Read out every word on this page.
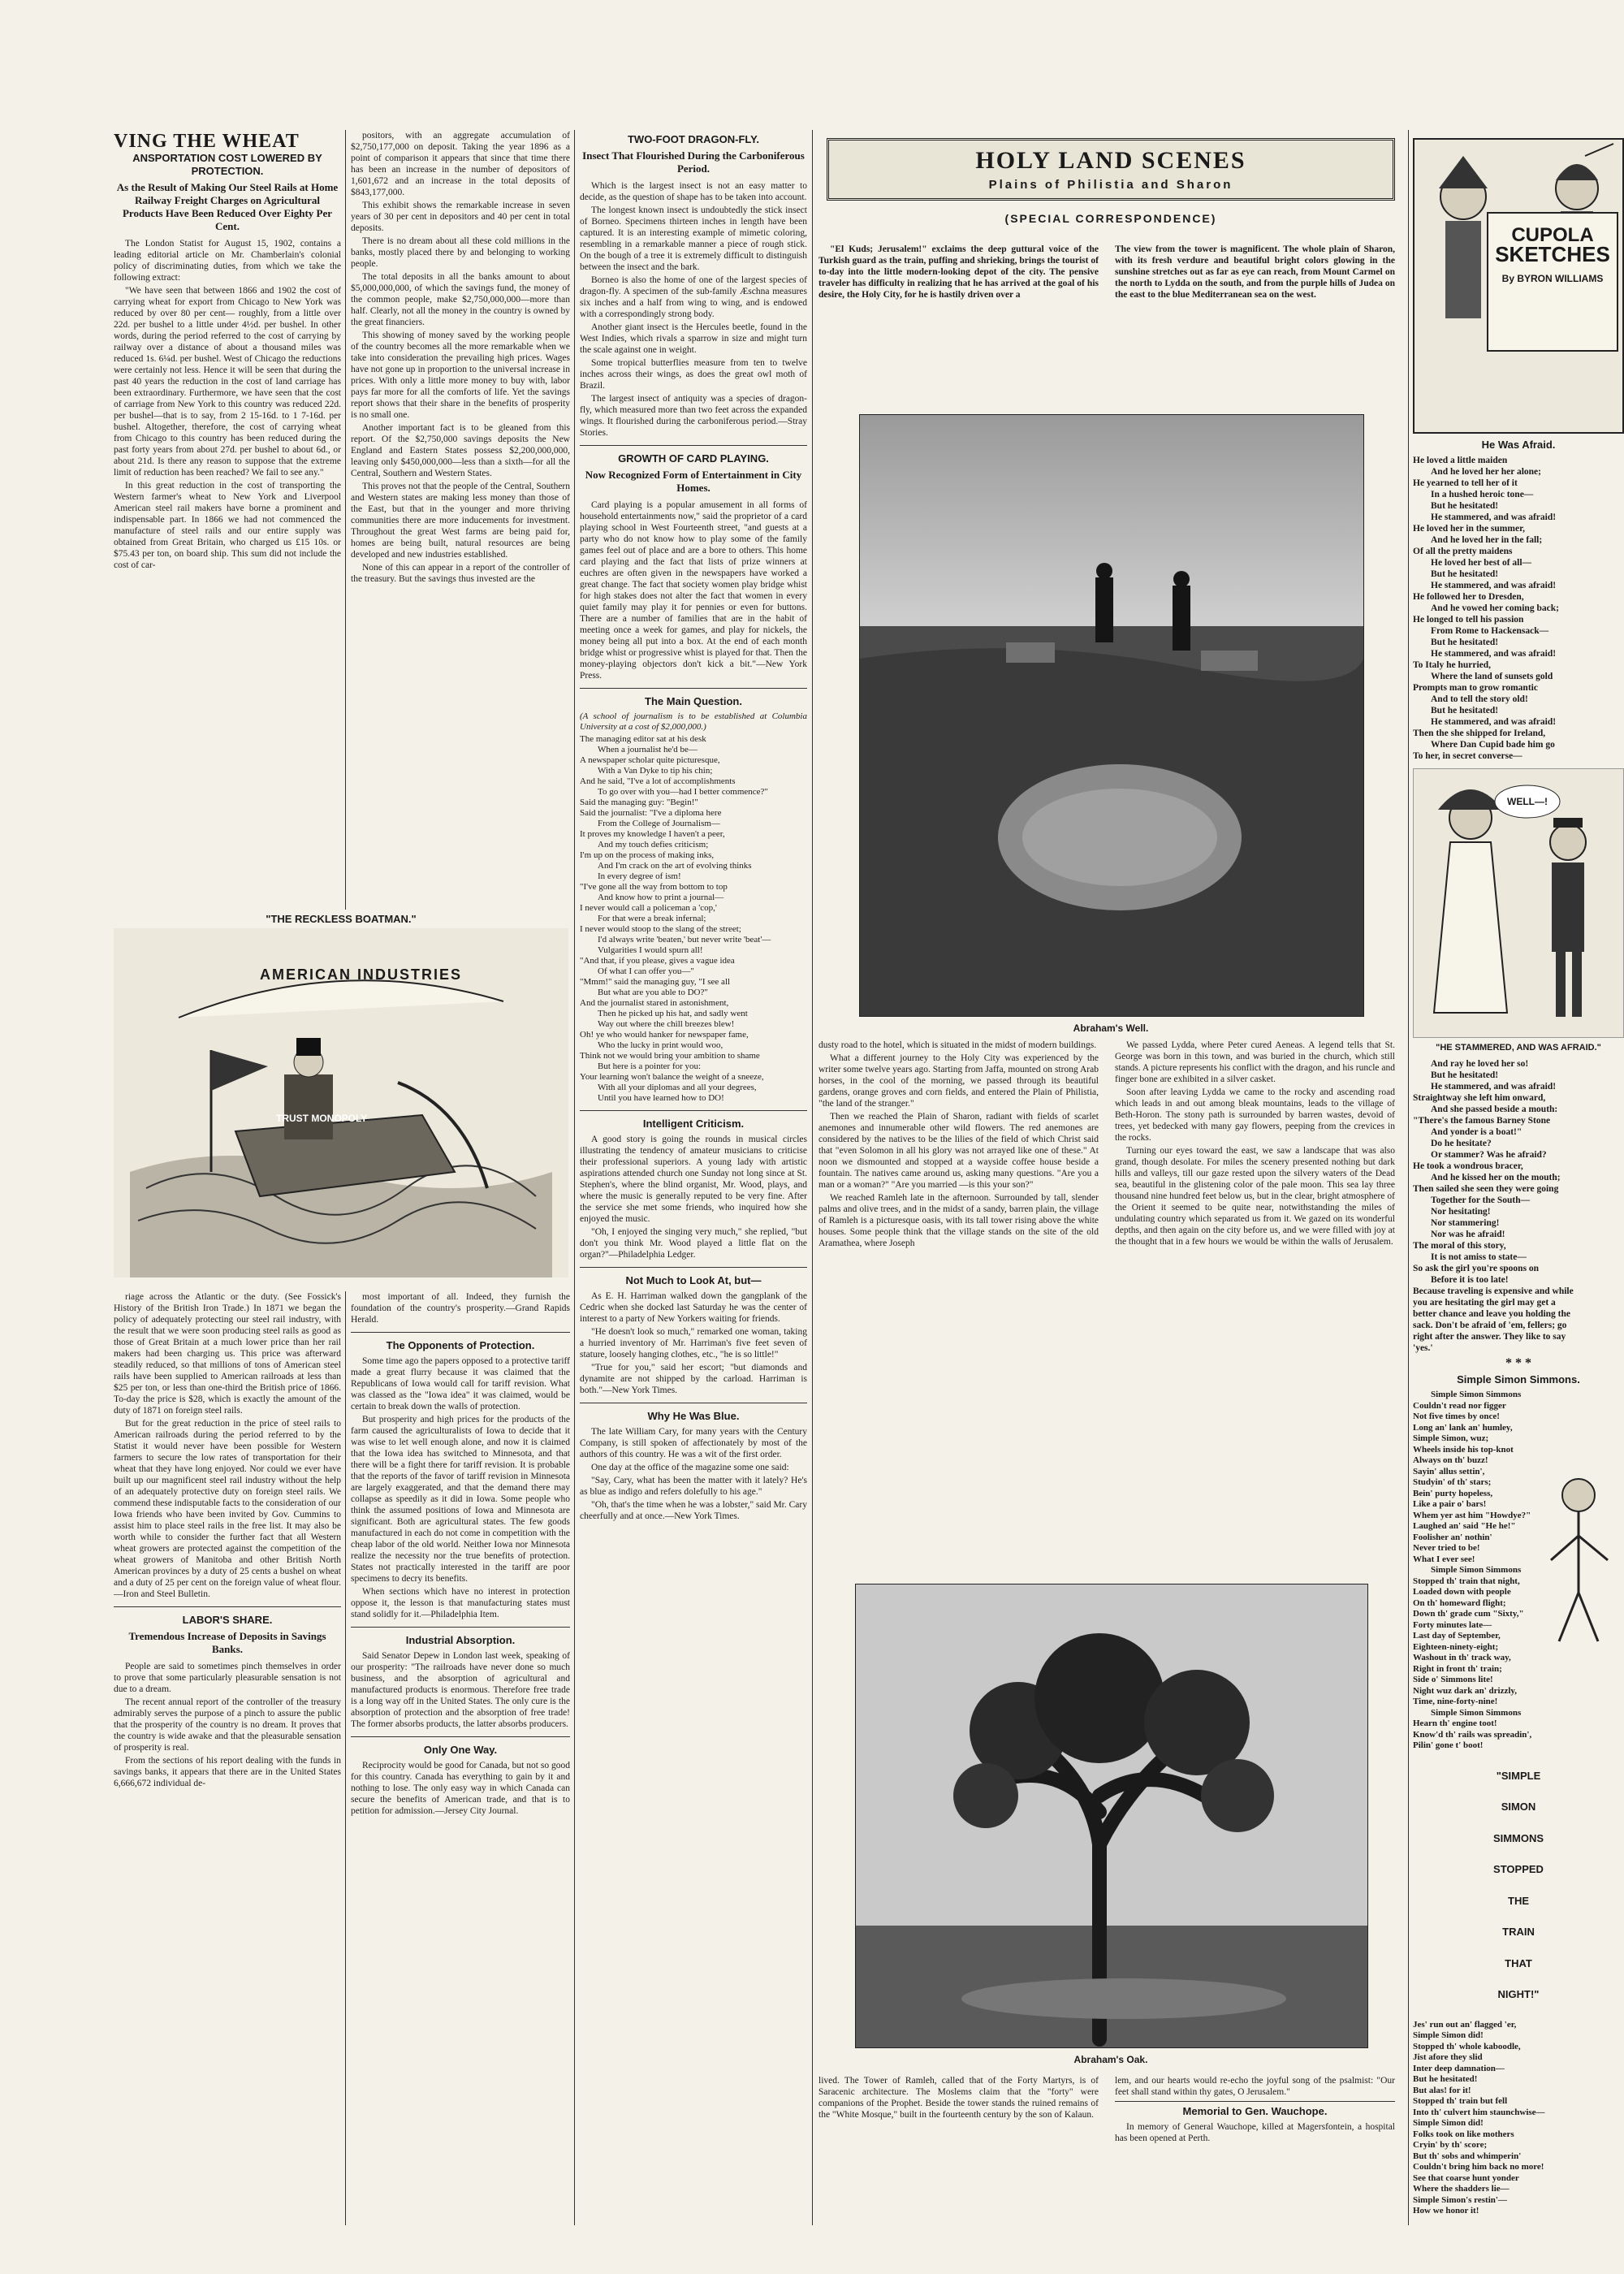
VING THE WHEAT
ANSPORTATION COST LOWERED BY PROTECTION.
As the Result of Making Our Steel Rails at Home Railway Freight Charges on Agricultural Products Have Been Reduced Over Eighty Per Cent.

The London Statist for August 15, 1902, contains a leading editorial article on Mr. Chamberlain's colonial policy of discriminating duties, from which we take the following extract:

"We have seen that between 1866 and 1902 the cost of carrying wheat for export from Chicago to New York was reduced by over 80 per cent— roughly, from a little over 22d. per bushel to a little under 4½d. per bushel. In other words, during the period referred to the cost of carrying by railway over a distance of about a thousand miles was reduced 1s. 6¼d. per bushel. West of Chicago the reductions were certainly not less. Hence it will be seen that during the past 40 years the reduction in the cost of land carriage has been extraordinary. Furthermore, we have seen that the cost of carriage from New York to this country was reduced 22d. per bushel—that is to say, from 2 15-16d. to 1 7-16d. per bushel. Altogether, therefore, the cost of carrying wheat from Chicago to this country has been reduced during the past forty years from about 27d. per bushel to about 6d., or about 21d. Is there any reason to suppose that the extreme limit of reduction has been reached? We fail to see any."

In this great reduction in the cost of transporting the Western farmer's wheat to New York and Liverpool American steel rail makers have borne a prominent and indispensable part. In 1866 we had not commenced the manufacture of steel rails and our entire supply was obtained from Great Britain, who charged us £15 10s. or $75.43 per ton, on board ship. This sum did not include the cost of car-

"THE RECKLESS BOATMAN."
AMERICAN INDUSTRIES
TRUST MONOPOLY

riage across the Atlantic or the duty. (See Fossick's History of the British Iron Trade.) In 1871 we began the policy of adequately protecting our steel rail industry, with the result that we were soon producing steel rails as good as those of Great Britain at a much lower price than her rail makers had been charging us. This price was afterward steadily reduced, so that millions of tons of American steel rails have been supplied to American railroads at less than $25 per ton, or less than one-third the British price of 1866. To-day the price is $28, which is exactly the amount of the duty of 1871 on foreign steel rails.

But for the great reduction in the price of steel rails to American railroads during the period referred to by the Statist it would never have been possible for Western farmers to secure the low rates of transportation for their wheat that they have long enjoyed. Nor could we ever have built up our magnificent steel rail industry without the help of an adequately protective duty on foreign steel rails. We commend these indisputable facts to the consideration of our Iowa friends who have been invited by Gov. Cummins to assist him to place steel rails in the free list. It may also be worth while to consider the further fact that all Western wheat growers are protected against the competition of the wheat growers of Manitoba and other British North American provinces by a duty of 25 cents a bushel on wheat and a duty of 25 per cent on the foreign value of wheat flour.—Iron and Steel Bulletin.

LABOR'S SHARE.
Tremendous Increase of Deposits in Savings Banks.

People are said to sometimes pinch themselves in order to prove that some particularly pleasurable sensation is not due to a dream.

The recent annual report of the controller of the treasury admirably serves the purpose of a pinch to assure the public that the prosperity of the country is no dream. It proves that the country is wide awake and that the pleasurable sensation of prosperity is real.

From the sections of his report dealing with the funds in savings banks, it appears that there are in the United States 6,666,672 individual de-

positors, with an aggregate accumulation of $2,750,177,000 on deposit. Taking the year 1896 as a point of comparison it appears that since that time there has been an increase in the number of depositors of 1,601,672 and an increase in the total deposits of $843,177,000.

This exhibit shows the remarkable increase in seven years of 30 per cent in depositors and 40 per cent in total deposits.

There is no dream about all these cold millions in the banks, mostly placed there by and belonging to working people.

The total deposits in all the banks amount to about $5,000,000,000, of which the savings fund, the money of the common people, make $2,750,000,000—more than half. Clearly, not all the money in the country is owned by the great financiers.

This showing of money saved by the working people of the country becomes all the more remarkable when we take into consideration the prevailing high prices. Wages have not gone up in proportion to the universal increase in prices. With only a little more money to buy with, labor pays far more for all the comforts of life. Yet the savings report shows that their share in the benefits of prosperity is no small one.

Another important fact is to be gleaned from this report. Of the $2,750,000 savings deposits the New England and Eastern States possess $2,200,000,000, leaving only $450,000,000—less than a sixth—for all the Central, Southern and Western States.

This proves not that the people of the Central, Southern and Western states are making less money than those of the East, but that in the younger and more thriving communities there are more inducements for investment. Throughout the great West farms are being paid for, homes are being built, natural resources are being developed and new industries established.

None of this can appear in a report of the controller of the treasury. But the savings thus invested are the

most important of all. Indeed, they furnish the foundation of the country's prosperity.—Grand Rapids Herald.

The Opponents of Protection.

Some time ago the papers opposed to a protective tariff made a great flurry because it was claimed that the Republicans of Iowa would call for tariff revision. What was classed as the "Iowa idea" it was claimed, would be certain to break down the walls of protection.

But prosperity and high prices for the products of the farm caused the agriculturalists of Iowa to decide that it was wise to let well enough alone, and now it is claimed that the Iowa idea has switched to Minnesota, and that there will be a fight there for tariff revision. It is probable that the reports of the favor of tariff revision in Minnesota are largely exaggerated, and that the demand there may collapse as speedily as it did in Iowa. Some people who think the assumed positions of Iowa and Minnesota are significant. Both are agricultural states. The few goods manufactured in each do not come in competition with the cheap labor of the old world. Neither Iowa nor Minnesota realize the necessity nor the true benefits of protection. States not practically interested in the tariff are poor specimens to decry its benefits.

When sections which have no interest in protection oppose it, the lesson is that manufacturing states must stand solidly for it.—Philadelphia Item.

Industrial Absorption.

Said Senator Depew in London last week, speaking of our prosperity: "The railroads have never done so much business, and the absorption of agricultural and manufactured products is enormous. Therefore free trade is a long way off in the United States. The only cure is the absorption of protection and the absorption of free trade! The former absorbs products, the latter absorbs producers.

Only One Way.

Reciprocity would be good for Canada, but not so good for this country. Canada has everything to gain by it and nothing to lose. The only easy way in which Canada can secure the benefits of American trade, and that is to petition for admission.—Jersey City Journal.

TWO-FOOT DRAGON-FLY.
Insect That Flourished During the Carboniferous Period.

Which is the largest insect is not an easy matter to decide, as the question of shape has to be taken into account.

The longest known insect is undoubtedly the stick insect of Borneo. Specimens thirteen inches in length have been captured. It is an interesting example of mimetic coloring, resembling in a remarkable manner a piece of rough stick. On the bough of a tree it is extremely difficult to distinguish between the insect and the bark.

Borneo is also the home of one of the largest species of dragon-fly. A specimen of the sub-family Æschna measures six inches and a half from wing to wing, and is endowed with a correspondingly strong body.

Another giant insect is the Hercules beetle, found in the West Indies, which rivals a sparrow in size and might turn the scale against one in weight.

Some tropical butterflies measure from ten to twelve inches across their wings, as does the great owl moth of Brazil.

The largest insect of antiquity was a species of dragon-fly, which measured more than two feet across the expanded wings. It flourished during the carboniferous period.—Stray Stories.

GROWTH OF CARD PLAYING.
Now Recognized Form of Entertainment in City Homes.

Card playing is a popular amusement in all forms of household entertainments now," said the proprietor of a card playing school in West Fourteenth street, "and guests at a party who do not know how to play some of the family games feel out of place and are a bore to others. This home card playing and the fact that lists of prize winners at euchres are often given in the newspapers have worked a great change. The fact that society women play bridge whist for high stakes does not alter the fact that women in every quiet family may play it for pennies or even for buttons. There are a number of families that are in the habit of meeting once a week for games, and play for nickels, the money being all put into a box. At the end of each month bridge whist or progressive whist is played for that. Then the money-playing objectors don't kick a bit."—New York Press.

The Main Question.

(A school of journalism is to be established at Columbia University at a cost of $2,000,000.)

The managing editor sat at his desk

When a journalist he'd be—

A newspaper scholar quite picturesque,

With a Van Dyke to tip his chin;

And he said, "I've a lot of accomplishments

To go over with you—had I better commence?"

Said the managing guy: "Begin!"

Said the journalist: "I've a diploma here

From the College of Journalism—

It proves my knowledge I haven't a peer,

And my touch defies criticism;

I'm up on the process of making inks,

And I'm crack on the art of evolving thinks

In every degree of ism!

"I've gone all the way from bottom to top

And know how to print a journal—

I never would call a policeman a 'cop,'

For that were a break infernal;

I never would stoop to the slang of the street;

I'd always write 'beaten,' but never write 'beat'—

Vulgarities I would spurn all!

"And that, if you please, gives a vague idea

Of what I can offer you—"

"Mmm!" said the managing guy, "I see all

But what are you able to DO?"

And the journalist stared in astonishment,

Then he picked up his hat, and sadly went

Way out where the chill breezes blew!

Oh! ye who would hanker for newspaper fame,

Who the lucky in print would woo,

Think not we would bring your ambition to shame

But here is a pointer for you:

Your learning won't balance the weight of a sneeze,

With all your diplomas and all your degrees,

Until you have learned how to DO!

Intelligent Criticism.

A good story is going the rounds in musical circles illustrating the tendency of amateur musicians to criticise their professional superiors. A young lady with artistic aspirations attended church one Sunday not long since at St. Stephen's, where the blind organist, Mr. Wood, plays, and where the music is generally reputed to be very fine. After the service she met some friends, who inquired how she enjoyed the music.

"Oh, I enjoyed the singing very much," she replied, "but don't you think Mr. Wood played a little flat on the organ?"—Philadelphia Ledger.

Not Much to Look At, but—

As E. H. Harriman walked down the gangplank of the Cedric when she docked last Saturday he was the center of interest to a party of New Yorkers waiting for friends.

"He doesn't look so much," remarked one woman, taking a hurried inventory of Mr. Harriman's five feet seven of stature, loosely hanging clothes, etc., "he is so little!"

"True for you," said her escort; "but diamonds and dynamite are not shipped by the carload. Harriman is both."—New York Times.

Why He Was Blue.

The late William Cary, for many years with the Century Company, is still spoken of affectionately by most of the authors of this country. He was a wit of the first order.

One day at the office of the magazine some one said:

"Say, Cary, what has been the matter with it lately? He's as blue as indigo and refers dolefully to his age."

"Oh, that's the time when he was a lobster," said Mr. Cary cheerfully and at once.—New York Times.

HOLY LAND SCENES
Plains of Philistia and Sharon
(SPECIAL CORRESPONDENCE)

"El Kuds; Jerusalem!" exclaims the deep guttural voice of the Turkish guard as the train, puffing and shrieking, brings the tourist of to-day into the little modern-looking depot of the city. The pensive traveler has difficulty in realizing that he has arrived at the goal of his desire, the Holy City, for he is hastily driven over a

The view from the tower is magnificent. The whole plain of Sharon, with its fresh verdure and beautiful bright colors glowing in the sunshine stretches out as far as eye can reach, from Mount Carmel on the north to Lydda on the south, and from the purple hills of Judea on the east to the blue Mediterranean sea on the west.

Abraham's Well.

dusty road to the hotel, which is situated in the midst of modern buildings.

What a different journey to the Holy City was experienced by the writer some twelve years ago. Starting from Jaffa, mounted on strong Arab horses, in the cool of the morning, we passed through its beautiful gardens, orange groves and corn fields, and entered the Plain of Philistia, "the land of the stranger."

Then we reached the Plain of Sharon, radiant with fields of scarlet anemones and innumerable other wild flowers. The red anemones are considered by the natives to be the lilies of the field of which Christ said that "even Solomon in all his glory was not arrayed like one of these." At noon we dismounted and stopped at a wayside coffee house beside a fountain. The natives came around us, asking many questions. "Are you a man or a woman?" "Are you married —is this your son?"

We reached Ramleh late in the afternoon. Surrounded by tall, slender palms and olive trees, and in the midst of a sandy, barren plain, the village of Ramleh is a picturesque oasis, with its tall tower rising above the white houses. Some people think that the village stands on the site of the old Aramathea, where Joseph

We passed Lydda, where Peter cured Aeneas. A legend tells that St. George was born in this town, and was buried in the church, which still stands. A picture represents his conflict with the dragon, and his runcle and finger bone are exhibited in a silver casket.

Soon after leaving Lydda we came to the rocky and ascending road which leads in and out among bleak mountains, leads to the village of Beth-Horon. The stony path is surrounded by barren wastes, devoid of trees, yet bedecked with many gay flowers, peeping from the crevices in the rocks.

Turning our eyes toward the east, we saw a landscape that was also grand, though desolate. For miles the scenery presented nothing but dark hills and valleys, till our gaze rested upon the silvery waters of the Dead sea, beautiful in the glistening color of the pale moon. This sea lay three thousand nine hundred feet below us, but in the clear, bright atmosphere of the Orient it seemed to be quite near, notwithstanding the miles of undulating country which separated us from it. We gazed on its wonderful depths, and then again on the city before us, and we were filled with joy at the thought that in a few hours we would be within the walls of Jerusalem.

Abraham's Oak.

lived. The Tower of Ramleh, called that of the Forty Martyrs, is of Saracenic architecture. The Moslems claim that the "forty" were companions of the Prophet. Beside the tower stands the ruined remains of the "White Mosque," built in the fourteenth century by the son of Kalaun.

lem, and our hearts would re-echo the joyful song of the psalmist: "Our feet shall stand within thy gates, O Jerusalem."

Memorial to Gen. Wauchope.

In memory of General Wauchope, killed at Magersfontein, a hospital has been opened at Perth.

CUPOLA
SKETCHES
By BYRON WILLIAMS
He Was Afraid.

He loved a little maiden

And he loved her her alone;

He yearned to tell her of it

In a hushed heroic tone—

But he hesitated!

He stammered, and was afraid!

He loved her in the summer,

And he loved her in the fall;

Of all the pretty maidens

He loved her best of all—

But he hesitated!

He stammered, and was afraid!

He followed her to Dresden,

And he vowed her coming back;

He longed to tell his passion

From Rome to Hackensack—

But he hesitated!

He stammered, and was afraid!

To Italy he hurried,

Where the land of sunsets gold

Prompts man to grow romantic

And to tell the story old!

But he hesitated!

He stammered, and was afraid!

Then the she shipped for Ireland,

Where Dan Cupid bade him go

To her, in secret converse—

WELL—!
"HE STAMMERED, AND WAS AFRAID."

And ray he loved her so!

But he hesitated!

He stammered, and was afraid!

Straightway she left him onward,

And she passed beside a mouth:

"There's the famous Barney Stone

And yonder is a boat!"

Do he hesitate?

Or stammer? Was he afraid?

He took a wondrous bracer,

And he kissed her on the mouth;

Then sailed she seen they were going

Together for the South—

Nor hesitating!

Nor stammering!

Nor was he afraid!

The moral of this story,

It is not amiss to state—

So ask the girl you're spoons on

Before it is too late!

Because traveling is expensive and while

you are hesitating the girl may get a

better chance and leave you holding the

sack. Don't be afraid of 'em, fellers; go

right after the answer. They like to say

'yes.'

* * *
Simple Simon Simmons.

Simple Simon Simmons

Couldn't read nor figger

Not five times by once!

Long an' lank an' humley,

Simple Simon, wuz;

Wheels inside his top-knot

Always on th' buzz!

Sayin' allus settin',

Studyin' of th' stars;

Bein' purty hopeless,

Like a pair o' bars!

Whem yer ast him "Howdye?"

Laughed an' said "He he!"

Foolisher an' nothin'

Never tried to be!

What I ever see!

Simple Simon Simmons

Stopped th' train that night,

Loaded down with people

On th' homeward flight;

Down th' grade cum "Sixty,"

Forty minutes late—

Last day of September,

Eighteen-ninety-eight;

Washout in th' track way,

Right in front th' train;

Side o' Simmons lite!

Night wuz dark an' drizzly,

Time, nine-forty-nine!

Simple Simon Simmons

Hearn th' engine toot!

Know'd th' rails was spreadin',

Pilin' gone t' boot!

"SIMPLE

SIMON

SIMMONS

STOPPED

THE

TRAIN

THAT

NIGHT!"

Jes' run out an' flagged 'er,

Simple Simon did!

Stopped th' whole kaboodle,

Jist afore they slid

Inter deep damnation—

But he hesitated!

But alas! for it!

Stopped th' train but fell

Into th' culvert him staunchwise—

Simple Simon did!

Folks took on like mothers

Cryin' by th' score;

But th' sobs and whimperin'

Couldn't bring him back no more!

See that coarse hunt yonder

Where the shadders lie—

Simple Simon's restin'—

How we honor it!
